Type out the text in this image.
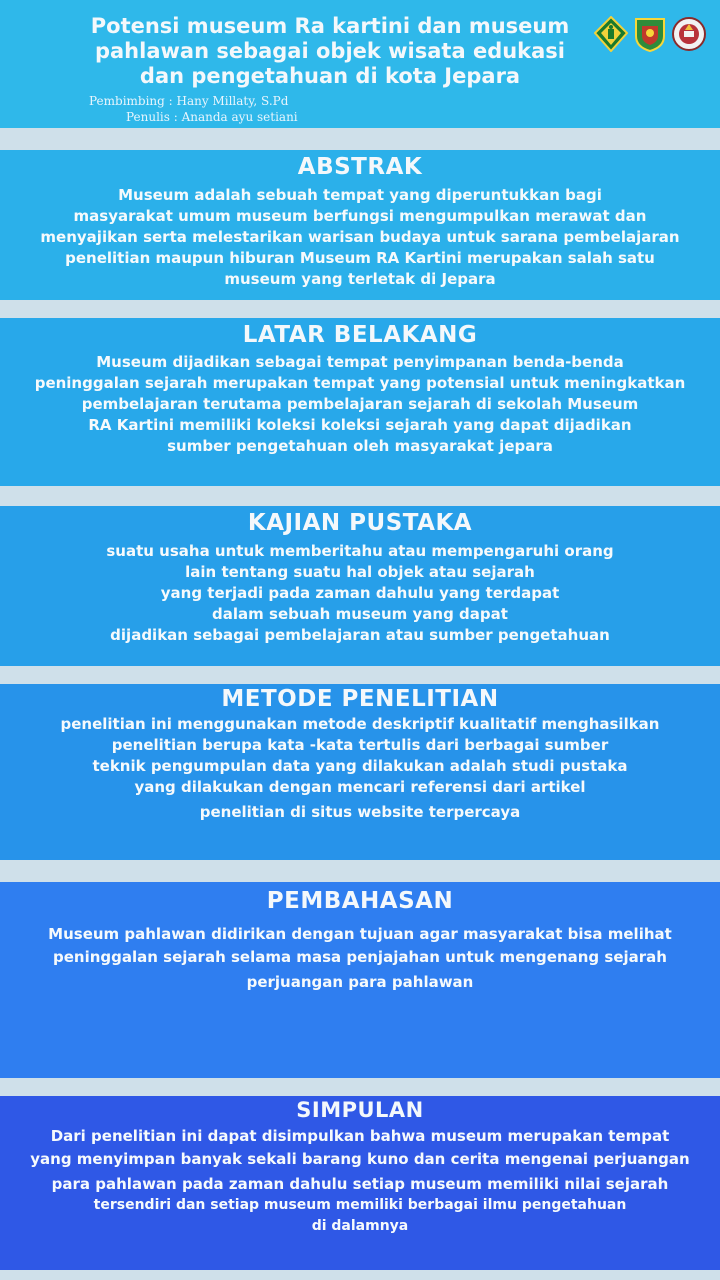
Potensi museum Ra kartini dan museum
pahlawan sebagai objek wisata edukasi
dan pengetahuan di kota Jepara

Pembimbing : Hany Millaty, S.Pd

Penulis : Ananda ayu setiani

ABSTRAK
Museum adalah sebuah tempat yang diperuntukkan bagi
masyarakat umum museum berfungsi mengumpulkan merawat dan
menyajikan serta melestarikan warisan budaya untuk sarana pembelajaran
penelitian maupun hiburan Museum RA Kartini merupakan salah satu
museum yang terletak di Jepara
LATAR BELAKANG
Museum dijadikan sebagai tempat penyimpanan benda-benda
peninggalan sejarah merupakan tempat yang potensial untuk meningkatkan
pembelajaran terutama pembelajaran sejarah di sekolah Museum
RA Kartini memiliki koleksi koleksi sejarah yang dapat dijadikan
sumber pengetahuan oleh masyarakat jepara
KAJIAN PUSTAKA
suatu usaha untuk memberitahu atau mempengaruhi orang
lain tentang suatu hal objek atau sejarah
yang terjadi pada zaman dahulu yang terdapat
dalam sebuah museum yang dapat
dijadikan sebagai pembelajaran atau sumber pengetahuan
METODE PENELITIAN
penelitian ini menggunakan metode deskriptif kualitatif menghasilkan
penelitian berupa kata -kata tertulis dari berbagai sumber
teknik pengumpulan data yang dilakukan adalah studi pustaka
yang dilakukan dengan mencari referensi dari artikel
penelitian di situs website terpercaya
PEMBAHASAN
Museum pahlawan didirikan dengan tujuan agar masyarakat bisa melihat
peninggalan sejarah selama masa penjajahan untuk mengenang sejarah
perjuangan para pahlawan
SIMPULAN
Dari penelitian ini dapat disimpulkan bahwa museum merupakan tempat
yang menyimpan banyak sekali barang kuno dan cerita mengenai perjuangan
para pahlawan pada zaman dahulu setiap museum memiliki nilai sejarah
tersendiri dan setiap museum memiliki berbagai ilmu pengetahuan
di dalamnya
